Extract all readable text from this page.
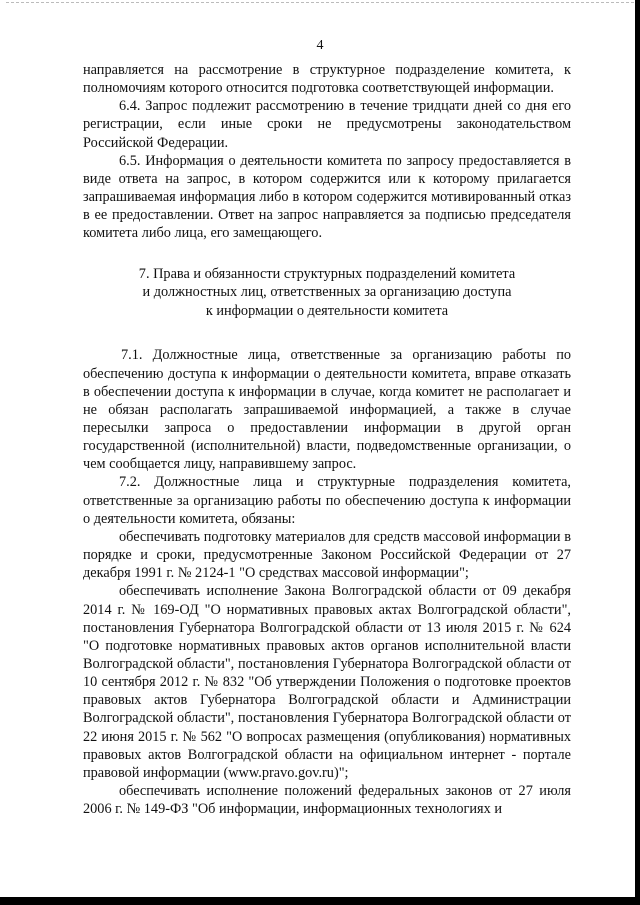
4

направляется на рассмотрение в структурное подразделение комитета, к полномочиям которого относится подготовка соответствующей информации.

6.4. Запрос подлежит рассмотрению в течение тридцати дней со дня его регистрации, если иные сроки не предусмотрены законодательством Российской Федерации.

6.5. Информация о деятельности комитета по запросу предоставляется в виде ответа на запрос, в котором содержится или к которому прилагается запрашиваемая информация либо в котором содержится мотивированный отказ в ее предоставлении. Ответ на запрос направляется за подписью председателя комитета либо лица, его замещающего.

7. Права и обязанности структурных подразделений комитета
и должностных лиц, ответственных за организацию доступа
к информации о деятельности комитета

7.1. Должностные лица, ответственные за организацию работы по обеспечению доступа к информации о деятельности комитета, вправе отказать в обеспечении доступа к информации в случае, когда комитет не располагает и не обязан располагать запрашиваемой информацией, а также в случае пересылки запроса о предоставлении информации в другой орган государственной (исполнительной) власти, подведомственные организации, о чем сообщается лицу, направившему запрос.

7.2. Должностные лица и структурные подразделения комитета, ответственные за организацию работы по обеспечению доступа к информации о деятельности комитета, обязаны:

обеспечивать подготовку материалов для средств массовой информации в порядке и сроки, предусмотренные Законом Российской Федерации от 27 декабря 1991 г. № 2124-1 "О средствах массовой информации";

обеспечивать исполнение Закона Волгоградской области от 09 декабря 2014 г. № 169-ОД "О нормативных правовых актах Волгоградской области", постановления Губернатора Волгоградской области от 13 июля 2015 г. № 624 "О подготовке нормативных правовых актов органов исполнительной власти Волгоградской области", постановления Губернатора Волгоградской области от 10 сентября 2012 г. № 832 "Об утверждении Положения о подготовке проектов правовых актов Губернатора Волгоградской области и Администрации Волгоградской области", постановления Губернатора Волгоградской области от 22 июня 2015 г. № 562 "О вопросах размещения (опубликования) нормативных правовых актов Волгоградской области на официальном интернет - портале правовой информации (www.pravo.gov.ru)";

обеспечивать исполнение положений федеральных законов от 27 июля 2006 г. № 149-ФЗ "Об информации, информационных технологиях и
